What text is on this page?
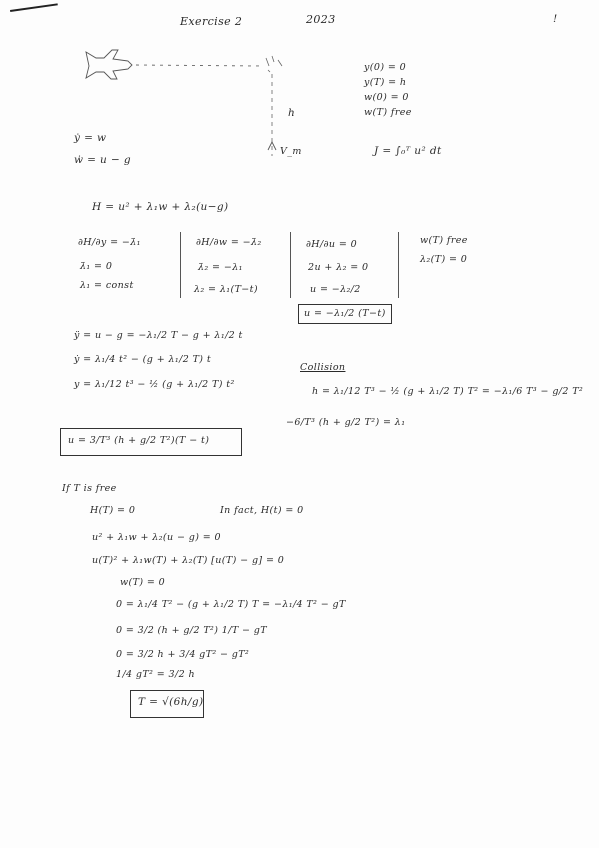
Exercise 2	2023	!
h
V_m
y(0) = 0
y(T) = h
w(0) = 0
w(T) free
J = ∫₀ᵀ u² dt
ẏ = w
ẇ = u − g
H = u² + λ₁w + λ₂(u−g)
∂H/∂y = −λ̇₁
λ̇₁ = 0
λ₁ = const
∂H/∂w = −λ̇₂
λ̇₂ = −λ₁
λ₂ = λ₁(T−t)
∂H/∂u = 0
2u + λ₂ = 0
u = −λ₂/2
u = −λ₁/2 (T−t)
w(T) free
λ₂(T) = 0
ÿ = u − g = −λ₁/2 T − g + λ₁/2 t
ẏ = λ₁/4 t² − (g + λ₁/2 T) t
y = λ₁/12 t³ − ½ (g + λ₁/2 T) t²
Collision
h = λ₁/12 T³ − ½ (g + λ₁/2 T) T² = −λ₁/6 T³ − g/2 T²
−6/T³ (h + g/2 T²) = λ₁
u = 3/T³ (h + g/2 T²)(T − t)
If T is free
H(T) = 0	In fact, H(t) = 0
u² + λ₁w + λ₂(u − g) = 0
u(T)² + λ₁w(T) + λ₂(T) [u(T) − g] = 0
w(T) = 0
0 = λ₁/4 T² − (g + λ₁/2 T) T = −λ₁/4 T² − gT
0 = 3/2 (h + g/2 T²) 1/T − gT
0 = 3/2 h + 3/4 gT² − gT²
1/4 gT² = 3/2 h
T = √(6h/g)
